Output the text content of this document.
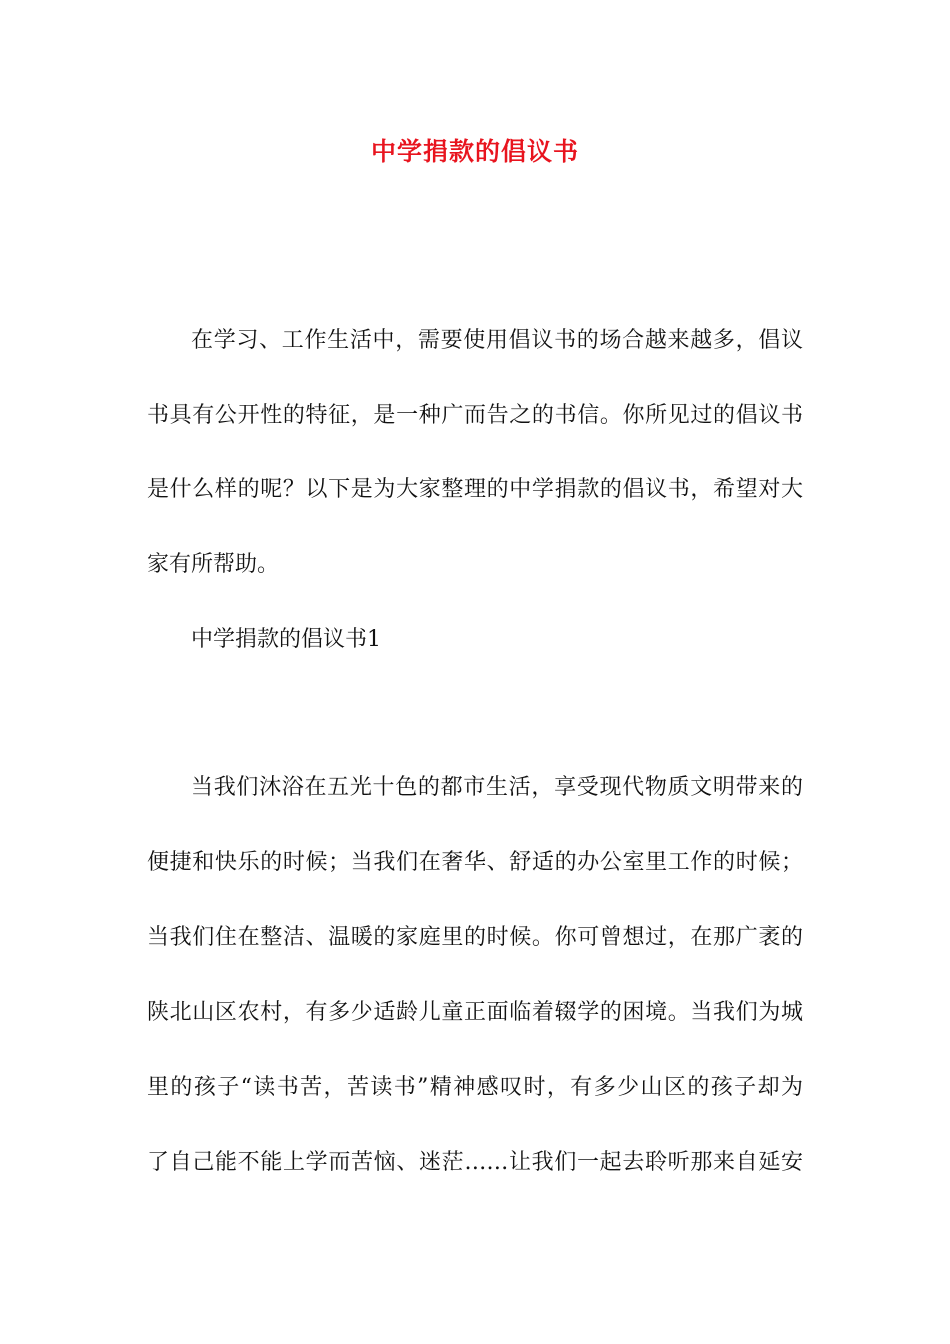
中学捐款的倡议书
在学习、工作生活中，需要使用倡议书的场合越来越多，倡议
书具有公开性的特征，是一种广而告之的书信。你所见过的倡议书
是什么样的呢？以下是为大家整理的中学捐款的倡议书，希望对大
家有所帮助。
中学捐款的倡议书1
当我们沐浴在五光十色的都市生活，享受现代物质文明带来的
便捷和快乐的时候；当我们在奢华、舒适的办公室里工作的时候；
当我们住在整洁、温暖的家庭里的时候。你可曾想过，在那广袤的
陕北山区农村，有多少适龄儿童正面临着辍学的困境。当我们为城
里的孩子“读书苦，苦读书”精神感叹时，有多少山区的孩子却为
了自己能不能上学而苦恼、迷茫……让我们一起去聆听那来自延安
